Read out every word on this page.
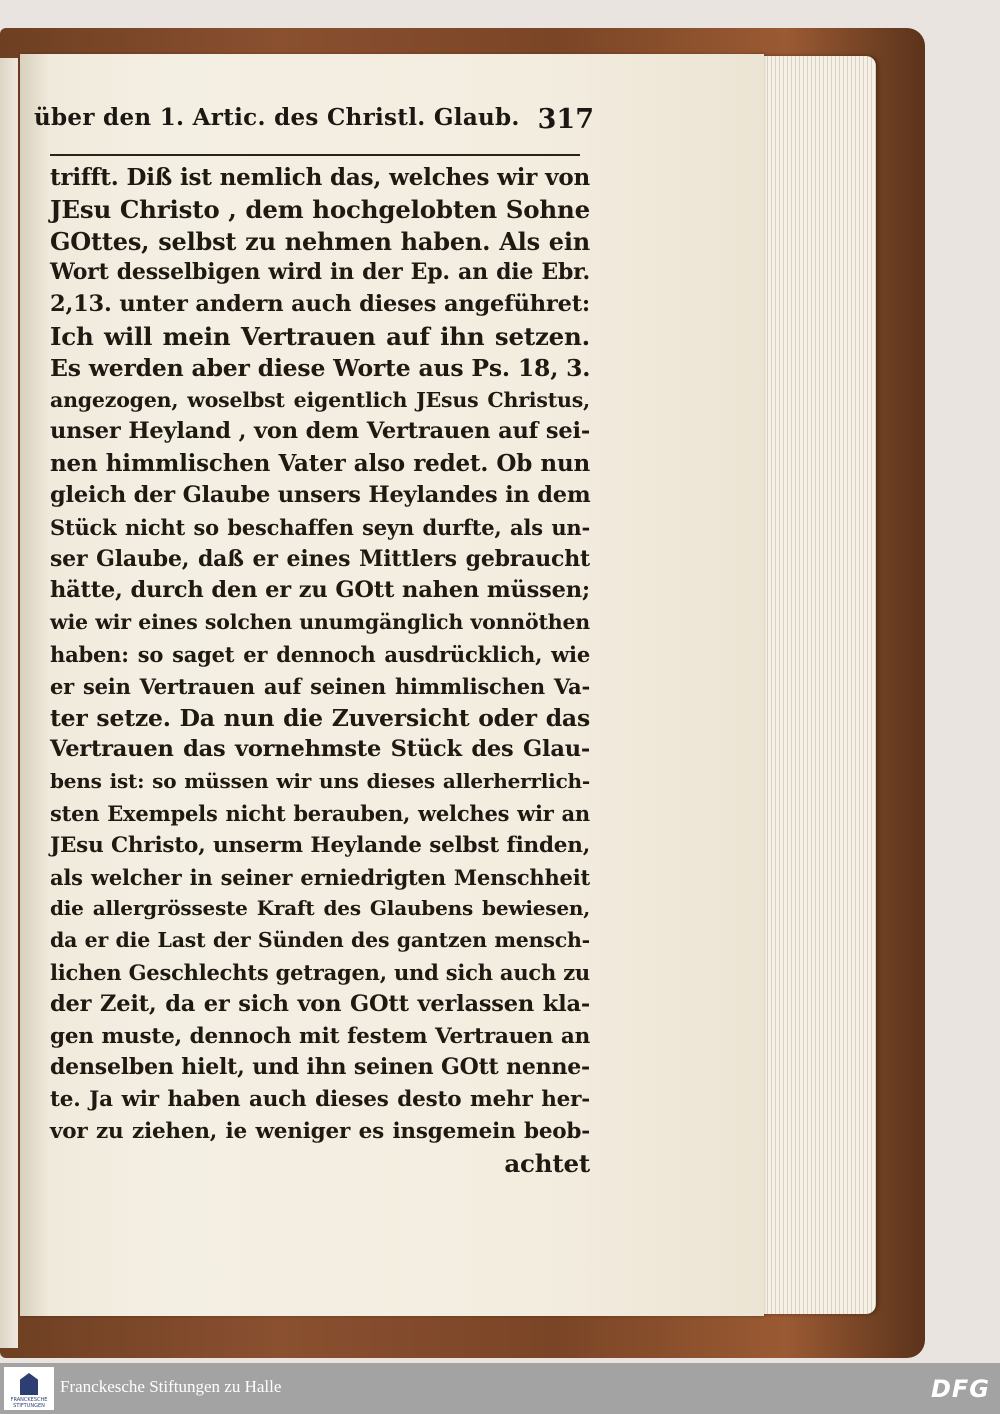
über den 1. Artic. des Christl. Glaub. 317
trifft. Diß ist nemlich das, welches wir von
JEsu Christo , dem hochgelobten Sohne
GOttes, selbst zu nehmen haben. Als ein
Wort desselbigen wird in der Ep. an die Ebr.
2,13. unter andern auch dieses angeführet:
Ich will mein Vertrauen auf ihn setzen.
Es werden aber diese Worte aus Ps. 18, 3.
angezogen, woselbst eigentlich JEsus Christus,
unser Heyland , von dem Vertrauen auf sei-
nen himmlischen Vater also redet. Ob nun
gleich der Glaube unsers Heylandes in dem
Stück nicht so beschaffen seyn durfte, als un-
ser Glaube, daß er eines Mittlers gebraucht
hätte, durch den er zu GOtt nahen müssen;
wie wir eines solchen unumgänglich vonnöthen
haben: so saget er dennoch ausdrücklich, wie
er sein Vertrauen auf seinen himmlischen Va-
ter setze. Da nun die Zuversicht oder das
Vertrauen das vornehmste Stück des Glau-
bens ist: so müssen wir uns dieses allerherrlich-
sten Exempels nicht berauben, welches wir an
JEsu Christo, unserm Heylande selbst finden,
als welcher in seiner erniedrigten Menschheit
die allergrösseste Kraft des Glaubens bewiesen,
da er die Last der Sünden des gantzen mensch-
lichen Geschlechts getragen, und sich auch zu
der Zeit, da er sich von GOtt verlassen kla-
gen muste, dennoch mit festem Vertrauen an
denselben hielt, und ihn seinen GOtt nenne-
te. Ja wir haben auch dieses desto mehr her-
vor zu ziehen, ie weniger es insgemein beob-
achtet
FRANCKESCHE STIFTUNGEN
Franckesche Stiftungen zu Halle	DFG
